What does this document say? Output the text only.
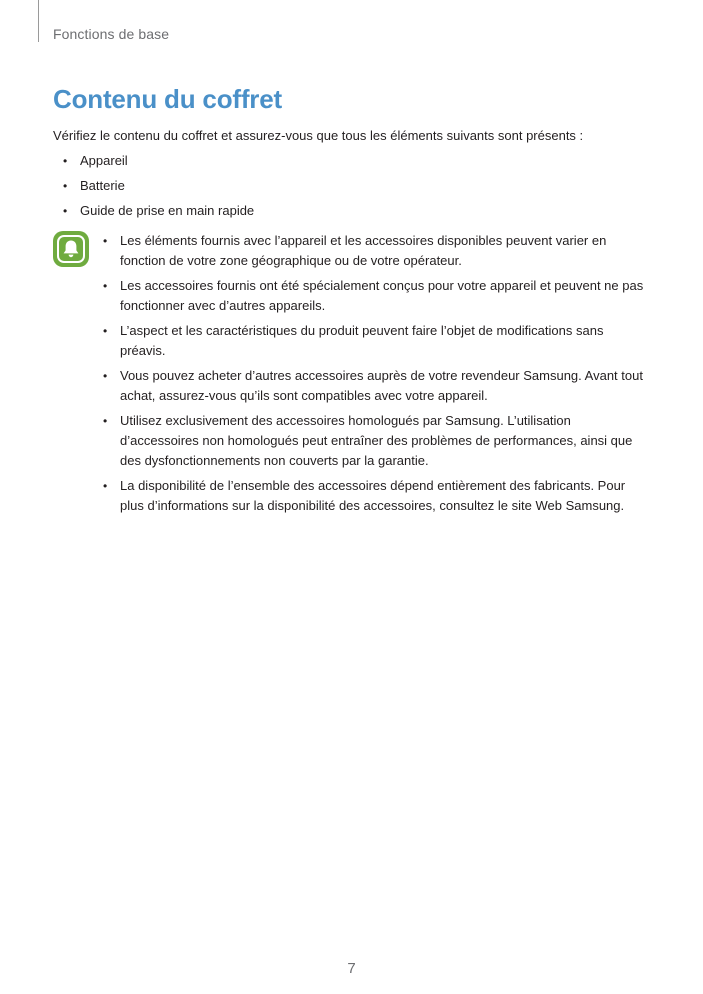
Fonctions de base
Contenu du coffret

Vérifiez le contenu du coffret et assurez-vous que tous les éléments suivants sont présents :

• Appareil
• Batterie
• Guide de prise en main rapide
• Les éléments fournis avec l’appareil et les accessoires disponibles peuvent varier en fonction de votre zone géographique ou de votre opérateur.
• Les accessoires fournis ont été spécialement conçus pour votre appareil et peuvent ne pas fonctionner avec d’autres appareils.
• L’aspect et les caractéristiques du produit peuvent faire l’objet de modifications sans préavis.
• Vous pouvez acheter d’autres accessoires auprès de votre revendeur Samsung. Avant tout achat, assurez-vous qu’ils sont compatibles avec votre appareil.
• Utilisez exclusivement des accessoires homologués par Samsung. L’utilisation d’accessoires non homologués peut entraîner des problèmes de performances, ainsi que des dysfonctionnements non couverts par la garantie.
• La disponibilité de l’ensemble des accessoires dépend entièrement des fabricants. Pour plus d’informations sur la disponibilité des accessoires, consultez le site Web Samsung.
7
